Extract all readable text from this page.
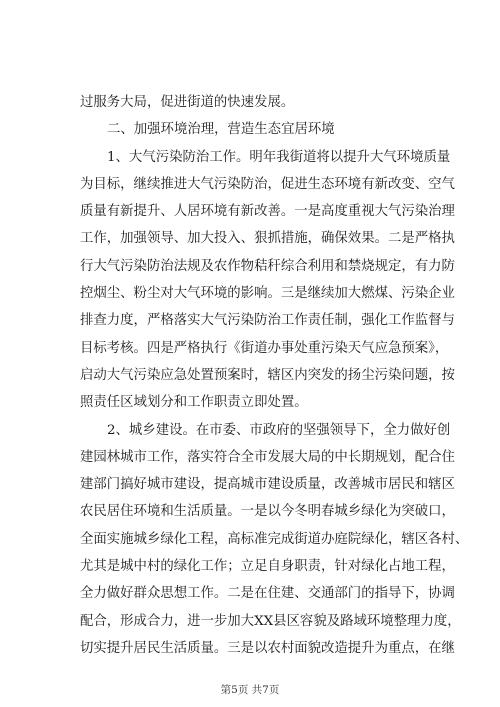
过服务大局，促进街道的快速发展。
二、加强环境治理，营造生态宜居环境
1、大气污染防治工作。明年我街道将以提升大气环境质量
为目标，继续推进大气污染防治，促进生态环境有新改变、空气
质量有新提升、人居环境有新改善。一是高度重视大气污染治理
工作，加强领导、加大投入、狠抓措施，确保效果。二是严格执
行大气污染防治法规及农作物秸秆综合利用和禁烧规定，有力防
控烟尘、粉尘对大气环境的影响。三是继续加大燃煤、污染企业
排查力度，严格落实大气污染防治工作责任制，强化工作监督与
目标考核。四是严格执行《街道办事处重污染天气应急预案》，
启动大气污染应急处置预案时，辖区内突发的扬尘污染问题，按
照责任区域划分和工作职责立即处置。
2、城乡建设。在市委、市政府的坚强领导下，全力做好创
建园林城市工作，落实符合全市发展大局的中长期规划，配合住
建部门搞好城市建设，提高城市建设质量，改善城市居民和辖区
农民居住环境和生活质量。一是以今冬明春城乡绿化为突破口，
全面实施城乡绿化工程，高标准完成街道办庭院绿化，辖区各村、
尤其是城中村的绿化工作；立足自身职责，针对绿化占地工程，
全力做好群众思想工作。二是在住建、交通部门的指导下，协调
配合，形成合力，进一步加大XX县区容貌及路域环境整理力度，
切实提升居民生活质量。三是以农村面貌改造提升为重点，在继
第5页 共7页
